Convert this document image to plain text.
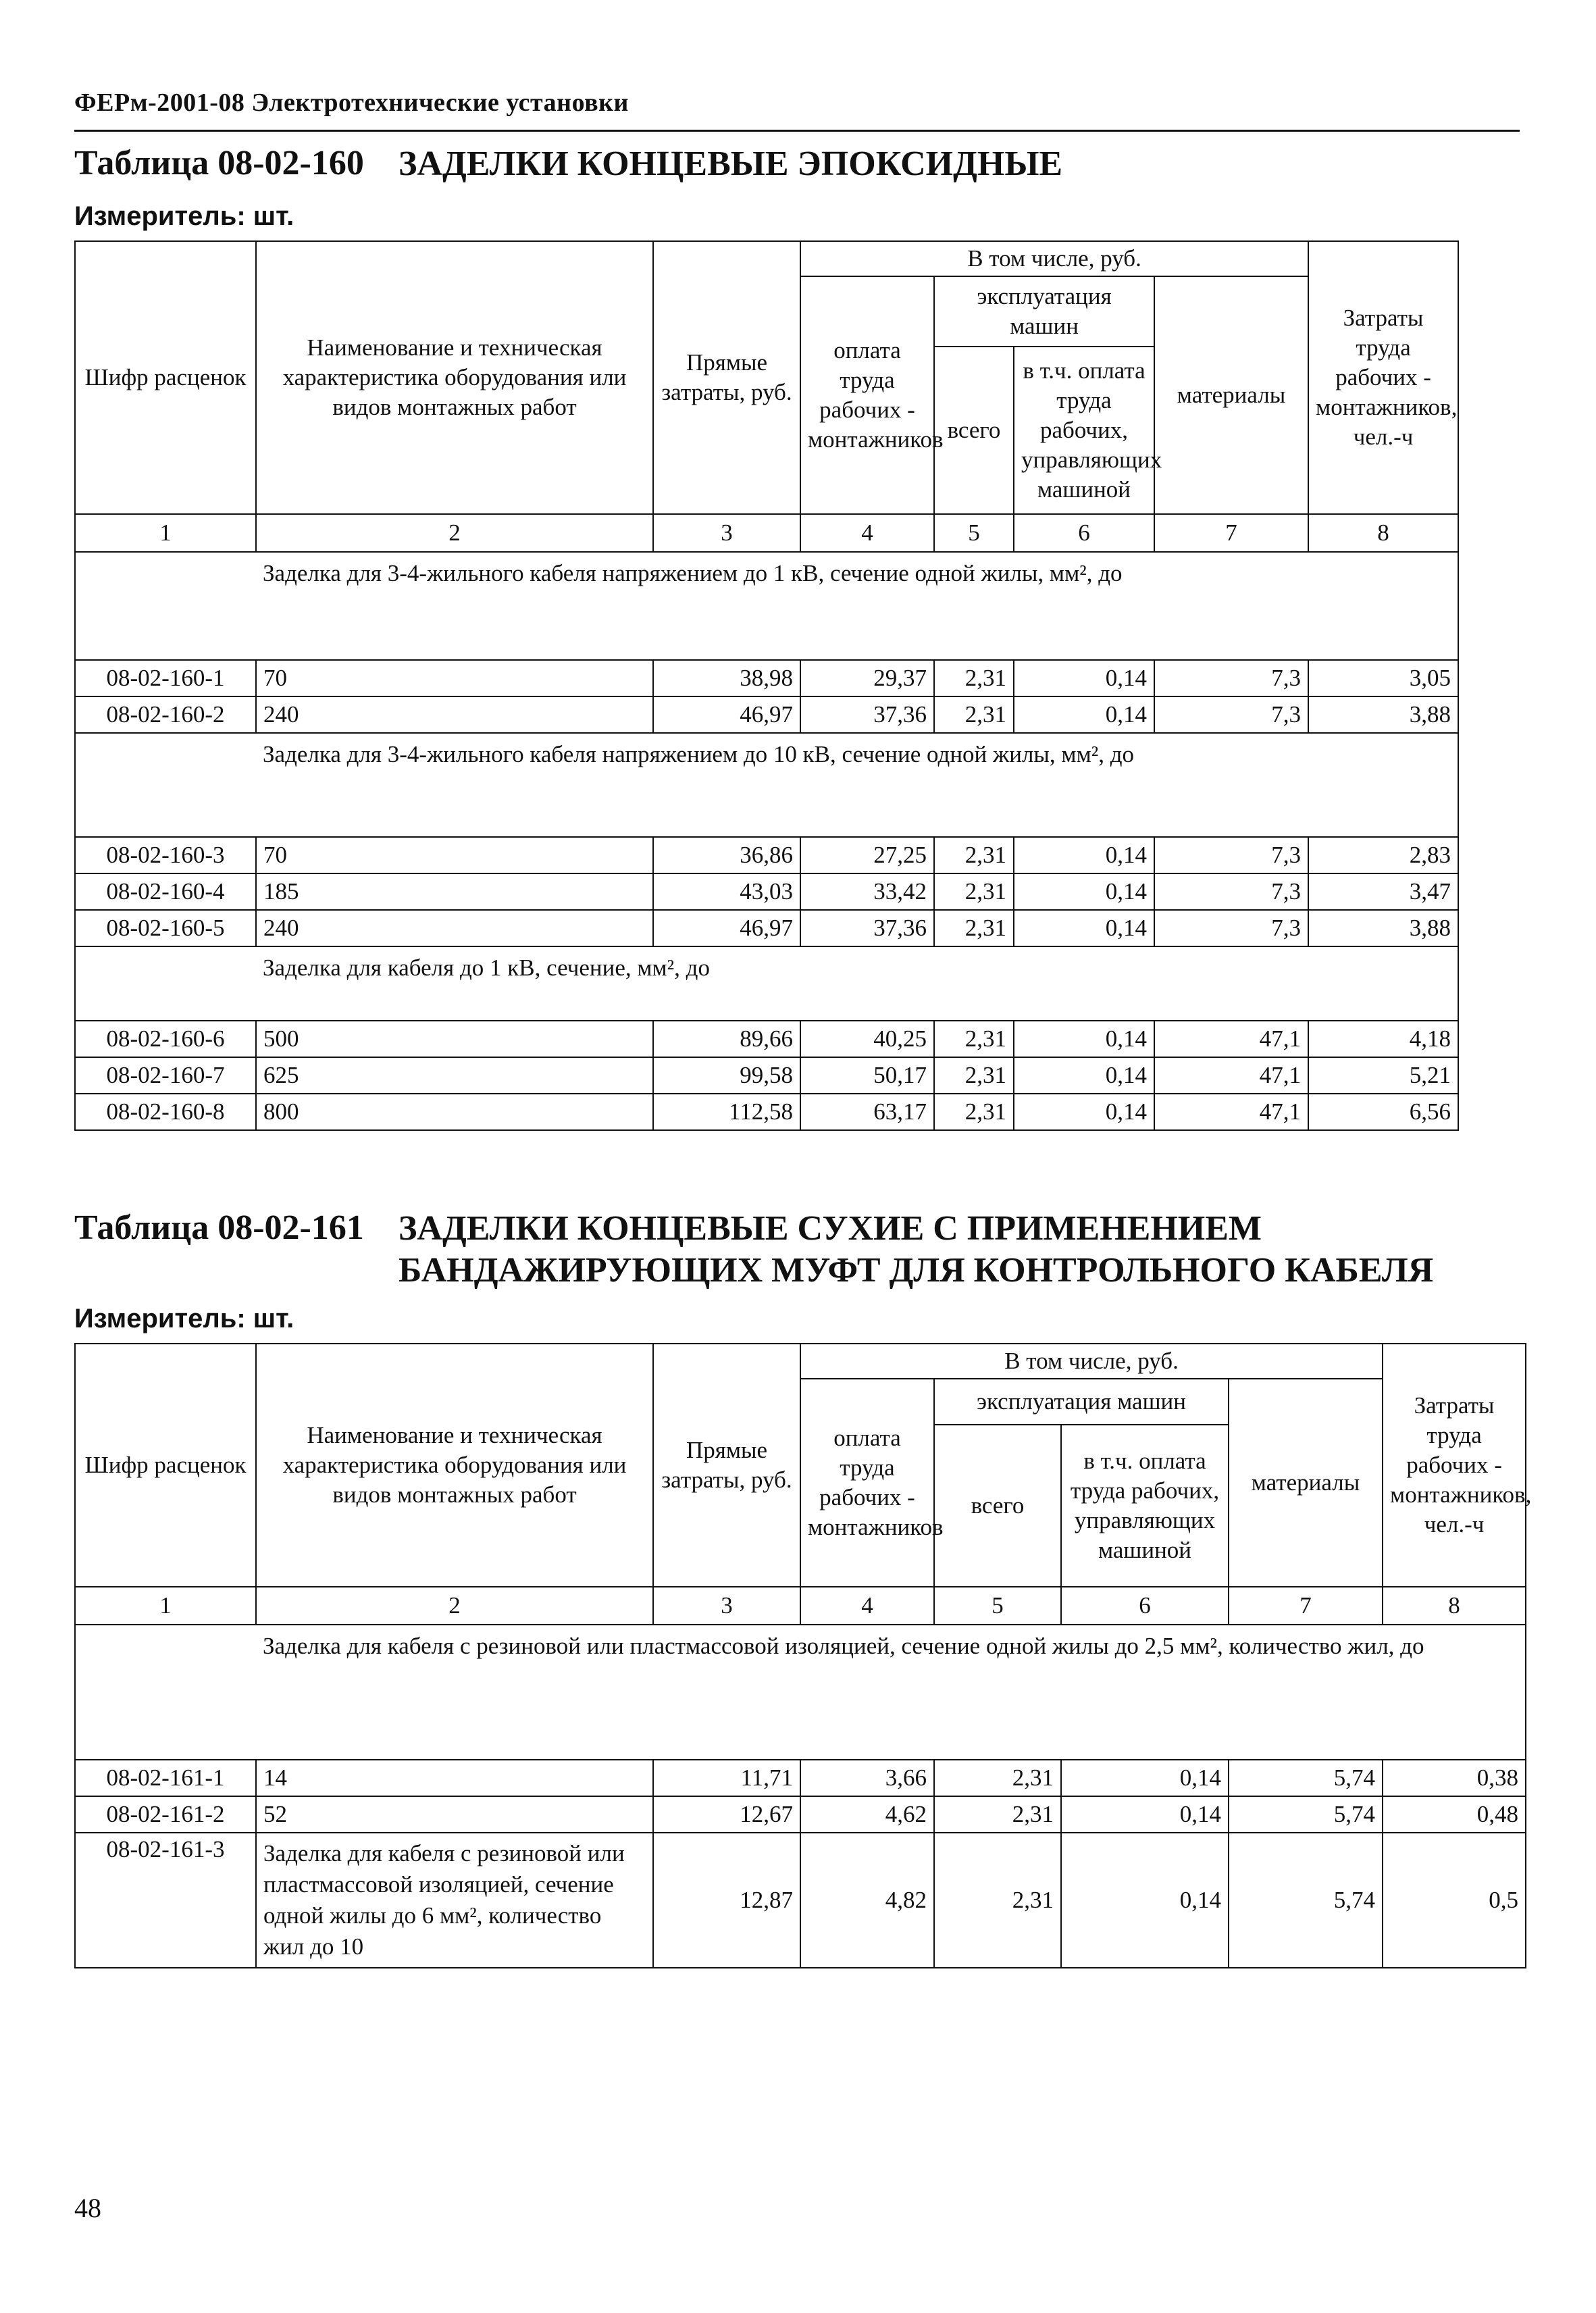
ФЕРм-2001-08 Электротехнические установки
Таблица 08-02-160 ЗАДЕЛКИ КОНЦЕВЫЕ ЭПОКСИДНЫЕ
Измеритель: шт.
Шифр расценок	Наименование и техническая характеристика оборудования или видов монтажных работ	Прямые затраты, руб.	В том числе, руб.				Затраты труда рабочих - монтажников, чел.-ч
			оплата труда рабочих - монтажников	эксплуатация машин		материалы	
				всего	в т.ч. оплата труда рабочих, управляющих машиной		

1	2	3	4	5	6	7	8
	Заделка для 3-4-жильного кабеля напряжением до 1 кВ, сечение одной жилы, мм², до						
08-02-160-1	70	38,98	29,37	2,31	0,14	7,3	3,05
08-02-160-2	240	46,97	37,36	2,31	0,14	7,3	3,88
	Заделка для 3-4-жильного кабеля напряжением до 10 кВ, сечение одной жилы, мм², до						
08-02-160-3	70	36,86	27,25	2,31	0,14	7,3	2,83
08-02-160-4	185	43,03	33,42	2,31	0,14	7,3	3,47
08-02-160-5	240	46,97	37,36	2,31	0,14	7,3	3,88
	Заделка для кабеля до 1 кВ, сечение, мм², до						
08-02-160-6	500	89,66	40,25	2,31	0,14	47,1	4,18
08-02-160-7	625	99,58	50,17	2,31	0,14	47,1	5,21
08-02-160-8	800	112,58	63,17	2,31	0,14	47,1	6,56
Таблица 08-02-161 ЗАДЕЛКИ КОНЦЕВЫЕ СУХИЕ С ПРИМЕНЕНИЕМ
БАНДАЖИРУЮЩИХ МУФТ ДЛЯ КОНТРОЛЬНОГО КАБЕЛЯ
Измеритель: шт.
Шифр расценок	Наименование и техническая характеристика оборудования или видов монтажных работ	Прямые затраты, руб.	В том числе, руб.				Затраты труда рабочих - монтажников, чел.-ч
			оплата труда рабочих - монтажников	эксплуатация машин		материалы	
				всего	в т.ч. оплата труда рабочих, управляющих машиной		

1	2	3	4	5	6	7	8
	Заделка для кабеля с резиновой или пластмассовой изоляцией, сечение одной жилы до 2,5 мм², количество жил, до						
08-02-161-1	14	11,71	3,66	2,31	0,14	5,74	0,38
08-02-161-2	52	12,67	4,62	2,31	0,14	5,74	0,48
08-02-161-3	Заделка для кабеля с резиновой или пластмассовой изоляцией, сечение одной жилы до 6 мм², количество жил до 10	12,87	4,82	2,31	0,14	5,74	0,5
48
